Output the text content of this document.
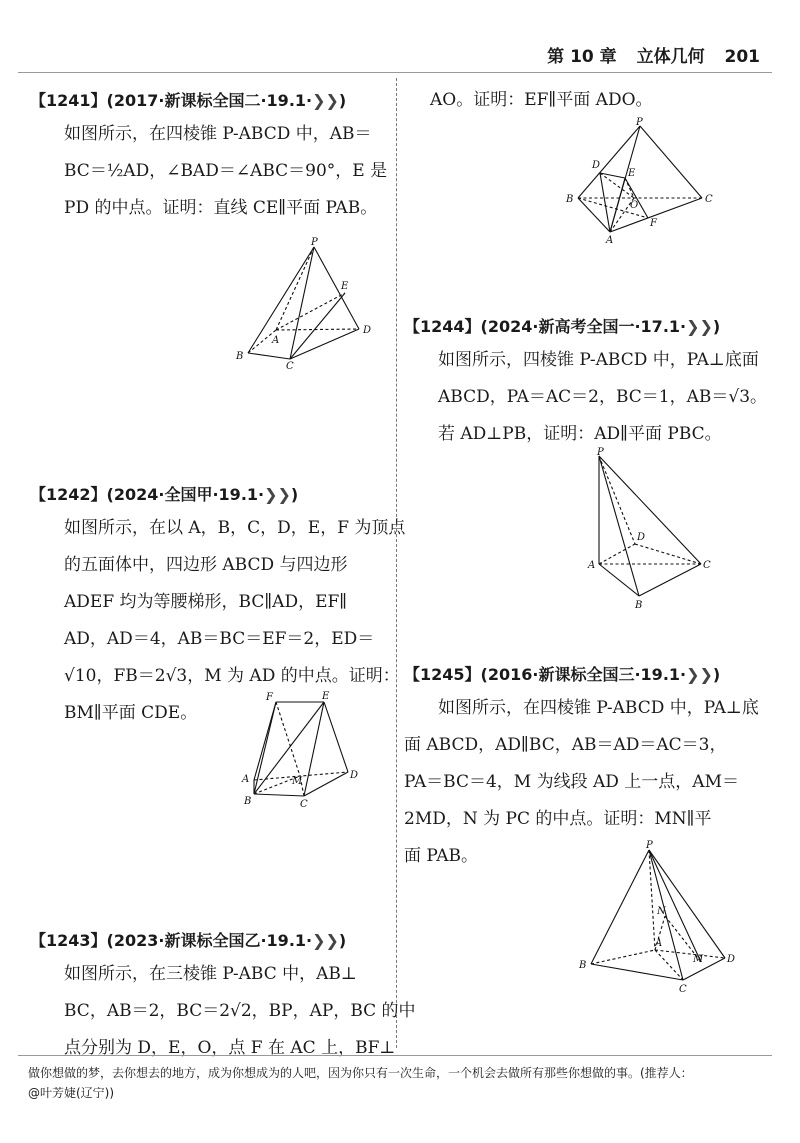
第 10 章 立体几何 201
【1241】(2017·新课标全国二·19.1·❯❯)

如图所示，在四棱锥 P-ABCD 中，AB＝

BC＝½AD，∠BAD＝∠ABC＝90°，E 是

PD 的中点。证明：直线 CE∥平面 PAB。

P
A
B
C
D
E
【1242】(2024·全国甲·19.1·❯❯)

如图所示，在以 A，B，C，D，E，F 为顶点

的五面体中，四边形 ABCD 与四边形

ADEF 均为等腰梯形，BC∥AD，EF∥

AD，AD＝4，AB＝BC＝EF＝2，ED＝

√10，FB＝2√3，M 为 AD 的中点。证明：

BM∥平面 CDE。

F	E
A
B	C
D
M
【1243】(2023·新课标全国乙·19.1·❯❯)

如图所示，在三棱锥 P-ABC 中，AB⊥

BC，AB＝2，BC＝2√2，BP，AP，BC 的中

点分别为 D，E，O，点 F 在 AC 上，BF⊥

AO。证明：EF∥平面 ADO。

P
D
E
B
O
C
A
F
【1244】(2024·新高考全国一·17.1·❯❯)

如图所示，四棱锥 P-ABCD 中，PA⊥底面

ABCD，PA＝AC＝2，BC＝1，AB＝√3。

若 AD⊥PB，证明：AD∥平面 PBC。

P
D
A	C
B
【1245】(2016·新课标全国三·19.1·❯❯)

如图所示，在四棱锥 P-ABCD 中，PA⊥底

面 ABCD，AD∥BC，AB＝AD＝AC＝3，

PA＝BC＝4，M 为线段 AD 上一点，AM＝

2MD，N 为 PC 的中点。证明：MN∥平

面 PAB。

P
N
A
B
M D
C
做你想做的梦，去你想去的地方，成为你想成为的人吧，因为你只有一次生命，一个机会去做所有那些你想做的事。(推荐人：
@叶芳婕(辽宁))
